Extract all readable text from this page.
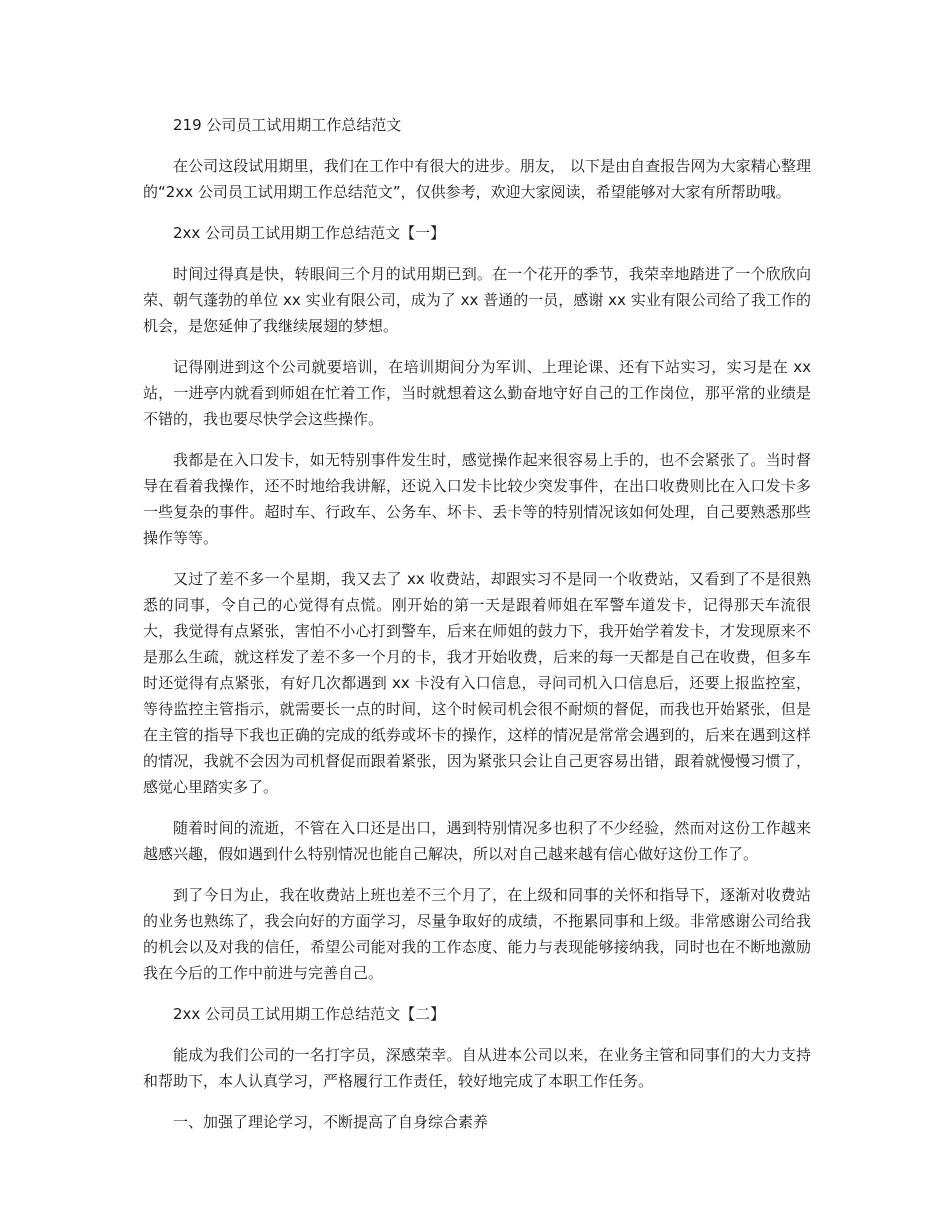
219 公司员工试用期工作总结范文
在公司这段试用期里，我们在工作中有很大的进步。朋友， 以下是由自查报告网为大家精心整理的“2xx 公司员工试用期工作总结范文”，仅供参考，欢迎大家阅读，希望能够对大家有所帮助哦。
2xx 公司员工试用期工作总结范文【一】
时间过得真是快，转眼间三个月的试用期已到。在一个花开的季节，我荣幸地踏进了一个欣欣向荣、朝气蓬勃的单位 xx 实业有限公司，成为了 xx 普通的一员，感谢 xx 实业有限公司给了我工作的机会，是您延伸了我继续展翅的梦想。
记得刚进到这个公司就要培训，在培训期间分为军训、上理论课、还有下站实习，实习是在 xx 站，一进亭内就看到师姐在忙着工作，当时就想着这么勤奋地守好自己的工作岗位，那平常的业绩是不错的，我也要尽快学会这些操作。
我都是在入口发卡，如无特别事件发生时，感觉操作起来很容易上手的，也不会紧张了。当时督导在看着我操作，还不时地给我讲解，还说入口发卡比较少突发事件，在出口收费则比在入口发卡多一些复杂的事件。超时车、行政车、公务车、坏卡、丢卡等的特别情况该如何处理，自己要熟悉那些操作等等。
又过了差不多一个星期，我又去了 xx 收费站，却跟实习不是同一个收费站，又看到了不是很熟悉的同事，令自己的心觉得有点慌。刚开始的第一天是跟着师姐在军警车道发卡，记得那天车流很大，我觉得有点紧张，害怕不小心打到警车，后来在师姐的鼓力下，我开始学着发卡，才发现原来不是那么生疏，就这样发了差不多一个月的卡，我才开始收费，后来的每一天都是自己在收费，但多车时还觉得有点紧张，有好几次都遇到 xx 卡没有入口信息，寻问司机入口信息后，还要上报监控室，等待监控主管指示，就需要长一点的时间，这个时候司机会很不耐烦的督促，而我也开始紧张，但是在主管的指导下我也正确的完成的纸券或坏卡的操作，这样的情况是常常会遇到的，后来在遇到这样的情况，我就不会因为司机督促而跟着紧张，因为紧张只会让自己更容易出错，跟着就慢慢习惯了，感觉心里踏实多了。
随着时间的流逝，不管在入口还是出口，遇到特别情况多也积了不少经验，然而对这份工作越来越感兴趣，假如遇到什么特别情况也能自己解决，所以对自己越来越有信心做好这份工作了。
到了今日为止，我在收费站上班也差不三个月了，在上级和同事的关怀和指导下，逐渐对收费站的业务也熟练了，我会向好的方面学习，尽量争取好的成绩，不拖累同事和上级。非常感谢公司给我的机会以及对我的信任，希望公司能对我的工作态度、能力与表现能够接纳我，同时也在不断地激励我在今后的工作中前进与完善自己。
2xx 公司员工试用期工作总结范文【二】
能成为我们公司的一名打字员，深感荣幸。自从进本公司以来，在业务主管和同事们的大力支持和帮助下，本人认真学习，严格履行工作责任，较好地完成了本职工作任务。
一、加强了理论学习，不断提高了自身综合素养
